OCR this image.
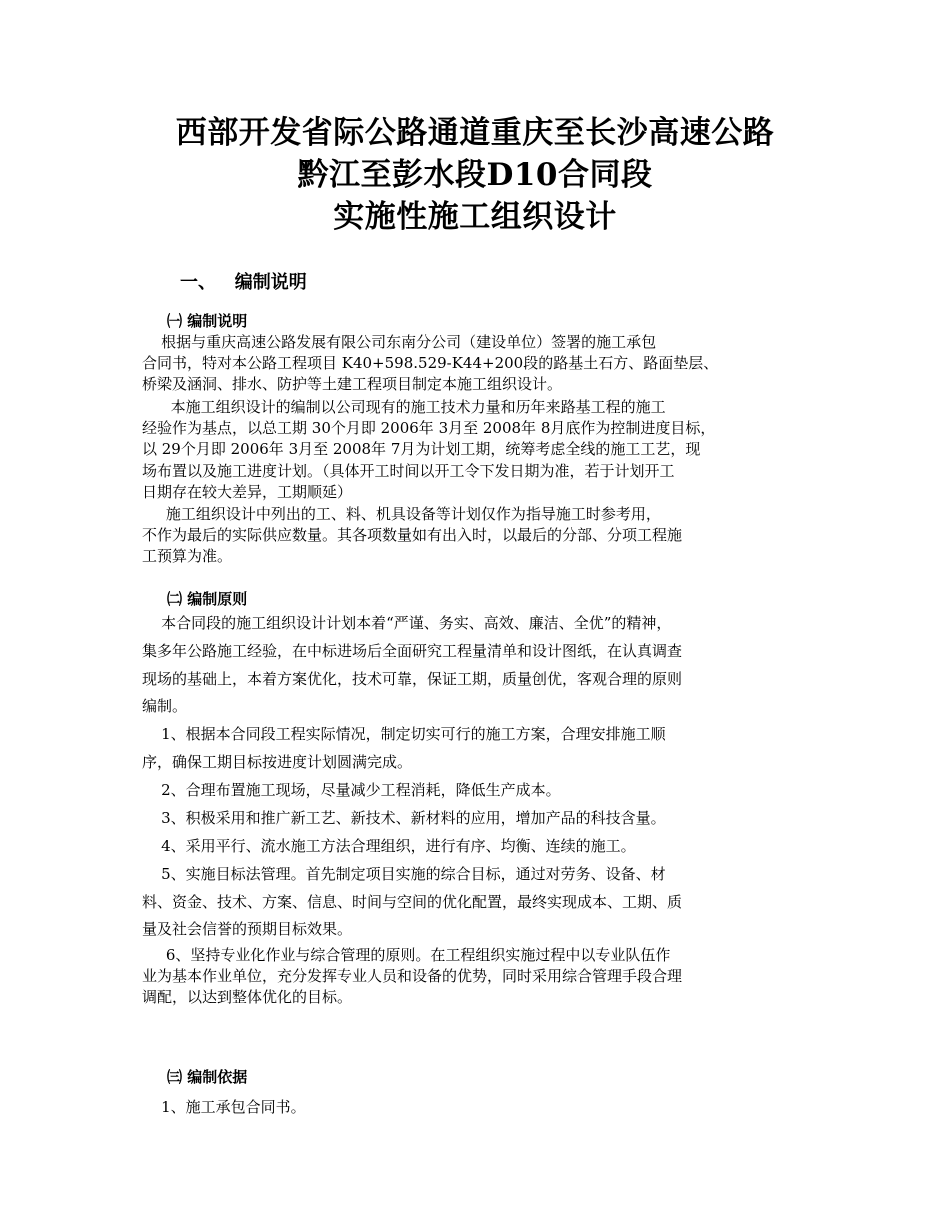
西部开发省际公路通道重庆至长沙高速公路
黔江至彭水段D10合同段
实施性施工组织设计
一、   编制说明
㈠ 编制说明
根据与重庆高速公路发展有限公司东南分公司（建设单位）签署的施工承包
合同书，特对本公路工程项目 K40+598.529-K44+200段的路基土石方、路面垫层、
桥梁及涵洞、排水、防护等土建工程项目制定本施工组织设计。
本施工组织设计的编制以公司现有的施工技术力量和历年来路基工程的施工
经验作为基点，以总工期 30个月即 2006年 3月至 2008年 8月底作为控制进度目标，
以 29个月即 2006年 3月至 2008年 7月为计划工期，统筹考虑全线的施工工艺，现
场布置以及施工进度计划。（具体开工时间以开工令下发日期为准，若于计划开工
日期存在较大差异，工期顺延）
施工组织设计中列出的工、料、机具设备等计划仅作为指导施工时参考用，
不作为最后的实际供应数量。其各项数量如有出入时，以最后的分部、分项工程施
工预算为准。
㈡ 编制原则
本合同段的施工组织设计计划本着“严谨、务实、高效、廉洁、全优”的精神，
集多年公路施工经验，在中标进场后全面研究工程量清单和设计图纸，在认真调查
现场的基础上，本着方案优化，技术可靠，保证工期，质量创优，客观合理的原则
编制。
1、根据本合同段工程实际情况，制定切实可行的施工方案，合理安排施工顺
序，确保工期目标按进度计划圆满完成。
2、合理布置施工现场，尽量减少工程消耗，降低生产成本。
3、积极采用和推广新工艺、新技术、新材料的应用，增加产品的科技含量。
4、采用平行、流水施工方法合理组织，进行有序、均衡、连续的施工。
5、实施目标法管理。首先制定项目实施的综合目标，通过对劳务、设备、材
料、资金、技术、方案、信息、时间与空间的优化配置，最终实现成本、工期、质
量及社会信誉的预期目标效果。
6、坚持专业化作业与综合管理的原则。在工程组织实施过程中以专业队伍作
业为基本作业单位，充分发挥专业人员和设备的优势，同时采用综合管理手段合理
调配，以达到整体优化的目标。
㈢ 编制依据
1、施工承包合同书。
